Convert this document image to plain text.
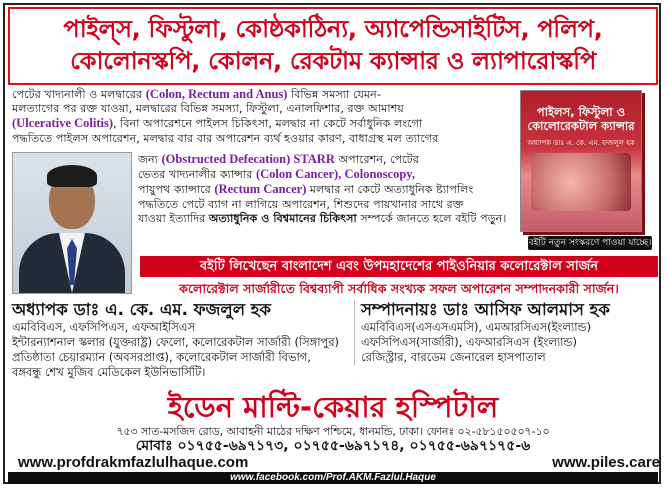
পাইল্‌স, ফিস্টুলা, কোষ্ঠকাঠিন্য, অ্যাপেন্ডিসাইটিস, পলিপ,
কোলোনস্কপি, কোলন, রেকটাম ক্যান্সার ও ল্যাপারোস্কপি

পেটের খাদ্যনালী ও মলদ্বারের (Colon, Rectum and Anus) বিভিন্ন সমস্যা যেমন-

মলত্যাগের পর রক্ত যাওয়া, মলদ্বারের বিভিন্ন সমস্যা, ফিস্টুলা, এনালফিশার, রক্ত আমাশয়

(Ulcerative Colitis), বিনা অপারেশনে পাইলস চিকিৎসা, মলদ্বার না কেটে সর্বাধুনিক লংগো

পদ্ধতিতে পাইলস অপারেশন, মলদ্বার বার বার অপারেশন ব্যর্থ হওয়ার কারণ, বাধাগ্রস্থ মল ত্যাগের

জন্য (Obstructed Defecation) STARR অপারেশন, পেটের
ভেতর খাদ্যনালীর ক্যান্সার (Colon Cancer), Colonoscopy,
পায়ুপথ ক্যান্সারে (Rectum Cancer) মলদ্বার না কেটে অত্যাধুনিক ষ্ট্যাপলিং
পদ্ধতিতে পেটে ব্যাগ না লাগিয়ে অপারেশন, শিশুদের পায়খানার সাথে রক্ত
যাওয়া ইত্যাদির অত্যাধুনিক ও বিশ্বমানের চিকিৎসা সম্পর্কে জানতে হলে বইটি পড়ুন।
পাইলস, ফিস্টুলা ও কোলোরেকটাল ক্যান্সার
অধ্যাপক ডাঃ এ. কে. এম. ফজলুল হক
বইটি নতুন সংস্করণে পাওয়া যাচ্ছে।
বইটি লিখেছেন বাংলাদেশ এবং উপমহাদেশের পাইওনিয়ার কলোরেক্টাল সার্জন
কলোরেক্টাল সার্জারীতে বিশ্বব্যাপী সর্বাধিক সংখ্যক সফল অপারেশন সম্পাদনকারী সার্জন।
অধ্যাপক ডাঃ এ. কে. এম. ফজলুল হক
এমবিবিএস, এফসিপিএস, এফআইসিএস
ইন্টারন্যাশনাল স্কলার (যুক্তরাষ্ট্র) ফেলো, কলোরেকটাল সার্জারী (সিঙ্গাপুর)
প্রতিষ্ঠাতা চেয়ারম্যান (অবসরপ্রাপ্ত), কলোরেকটাল সার্জারী বিভাগ,
বঙ্গবন্ধু শেখ মুজিব মেডিকেল ইউনিভার্সিটি।
সম্পাদনায়ঃ ডাঃ আসিফ আলমাস হক
এমবিবিএস(এসএসএমসি), এমআরসিএস(ইংল্যান্ড)
এফসিপিএস(সার্জারী), এফআরসিএস (ইংল্যান্ড)
রেজিস্ট্রার, বারডেম জেনারেল হাসপাতাল
ইডেন মাল্টি-কেয়ার হস্পিটাল
৭৫৩ সাত-মসজিদ রোড, আবাহনী মাঠের দক্ষিণ পশ্চিমে, ধানমন্ডি, ঢাকা। ফোনঃ ০২-৫৮১৫০৫০৭-১০
মোবাঃ ০১৭৫৫-৬৯৭১৭৩, ০১৭৫৫-৬৯৭১৭৪, ০১৭৫৫-৬৯৭১৭৫-৬
www.profdrakmfazlulhaque.com	www.piles.care
www.facebook.com/Prof.AKM.Fazlul.Haque
